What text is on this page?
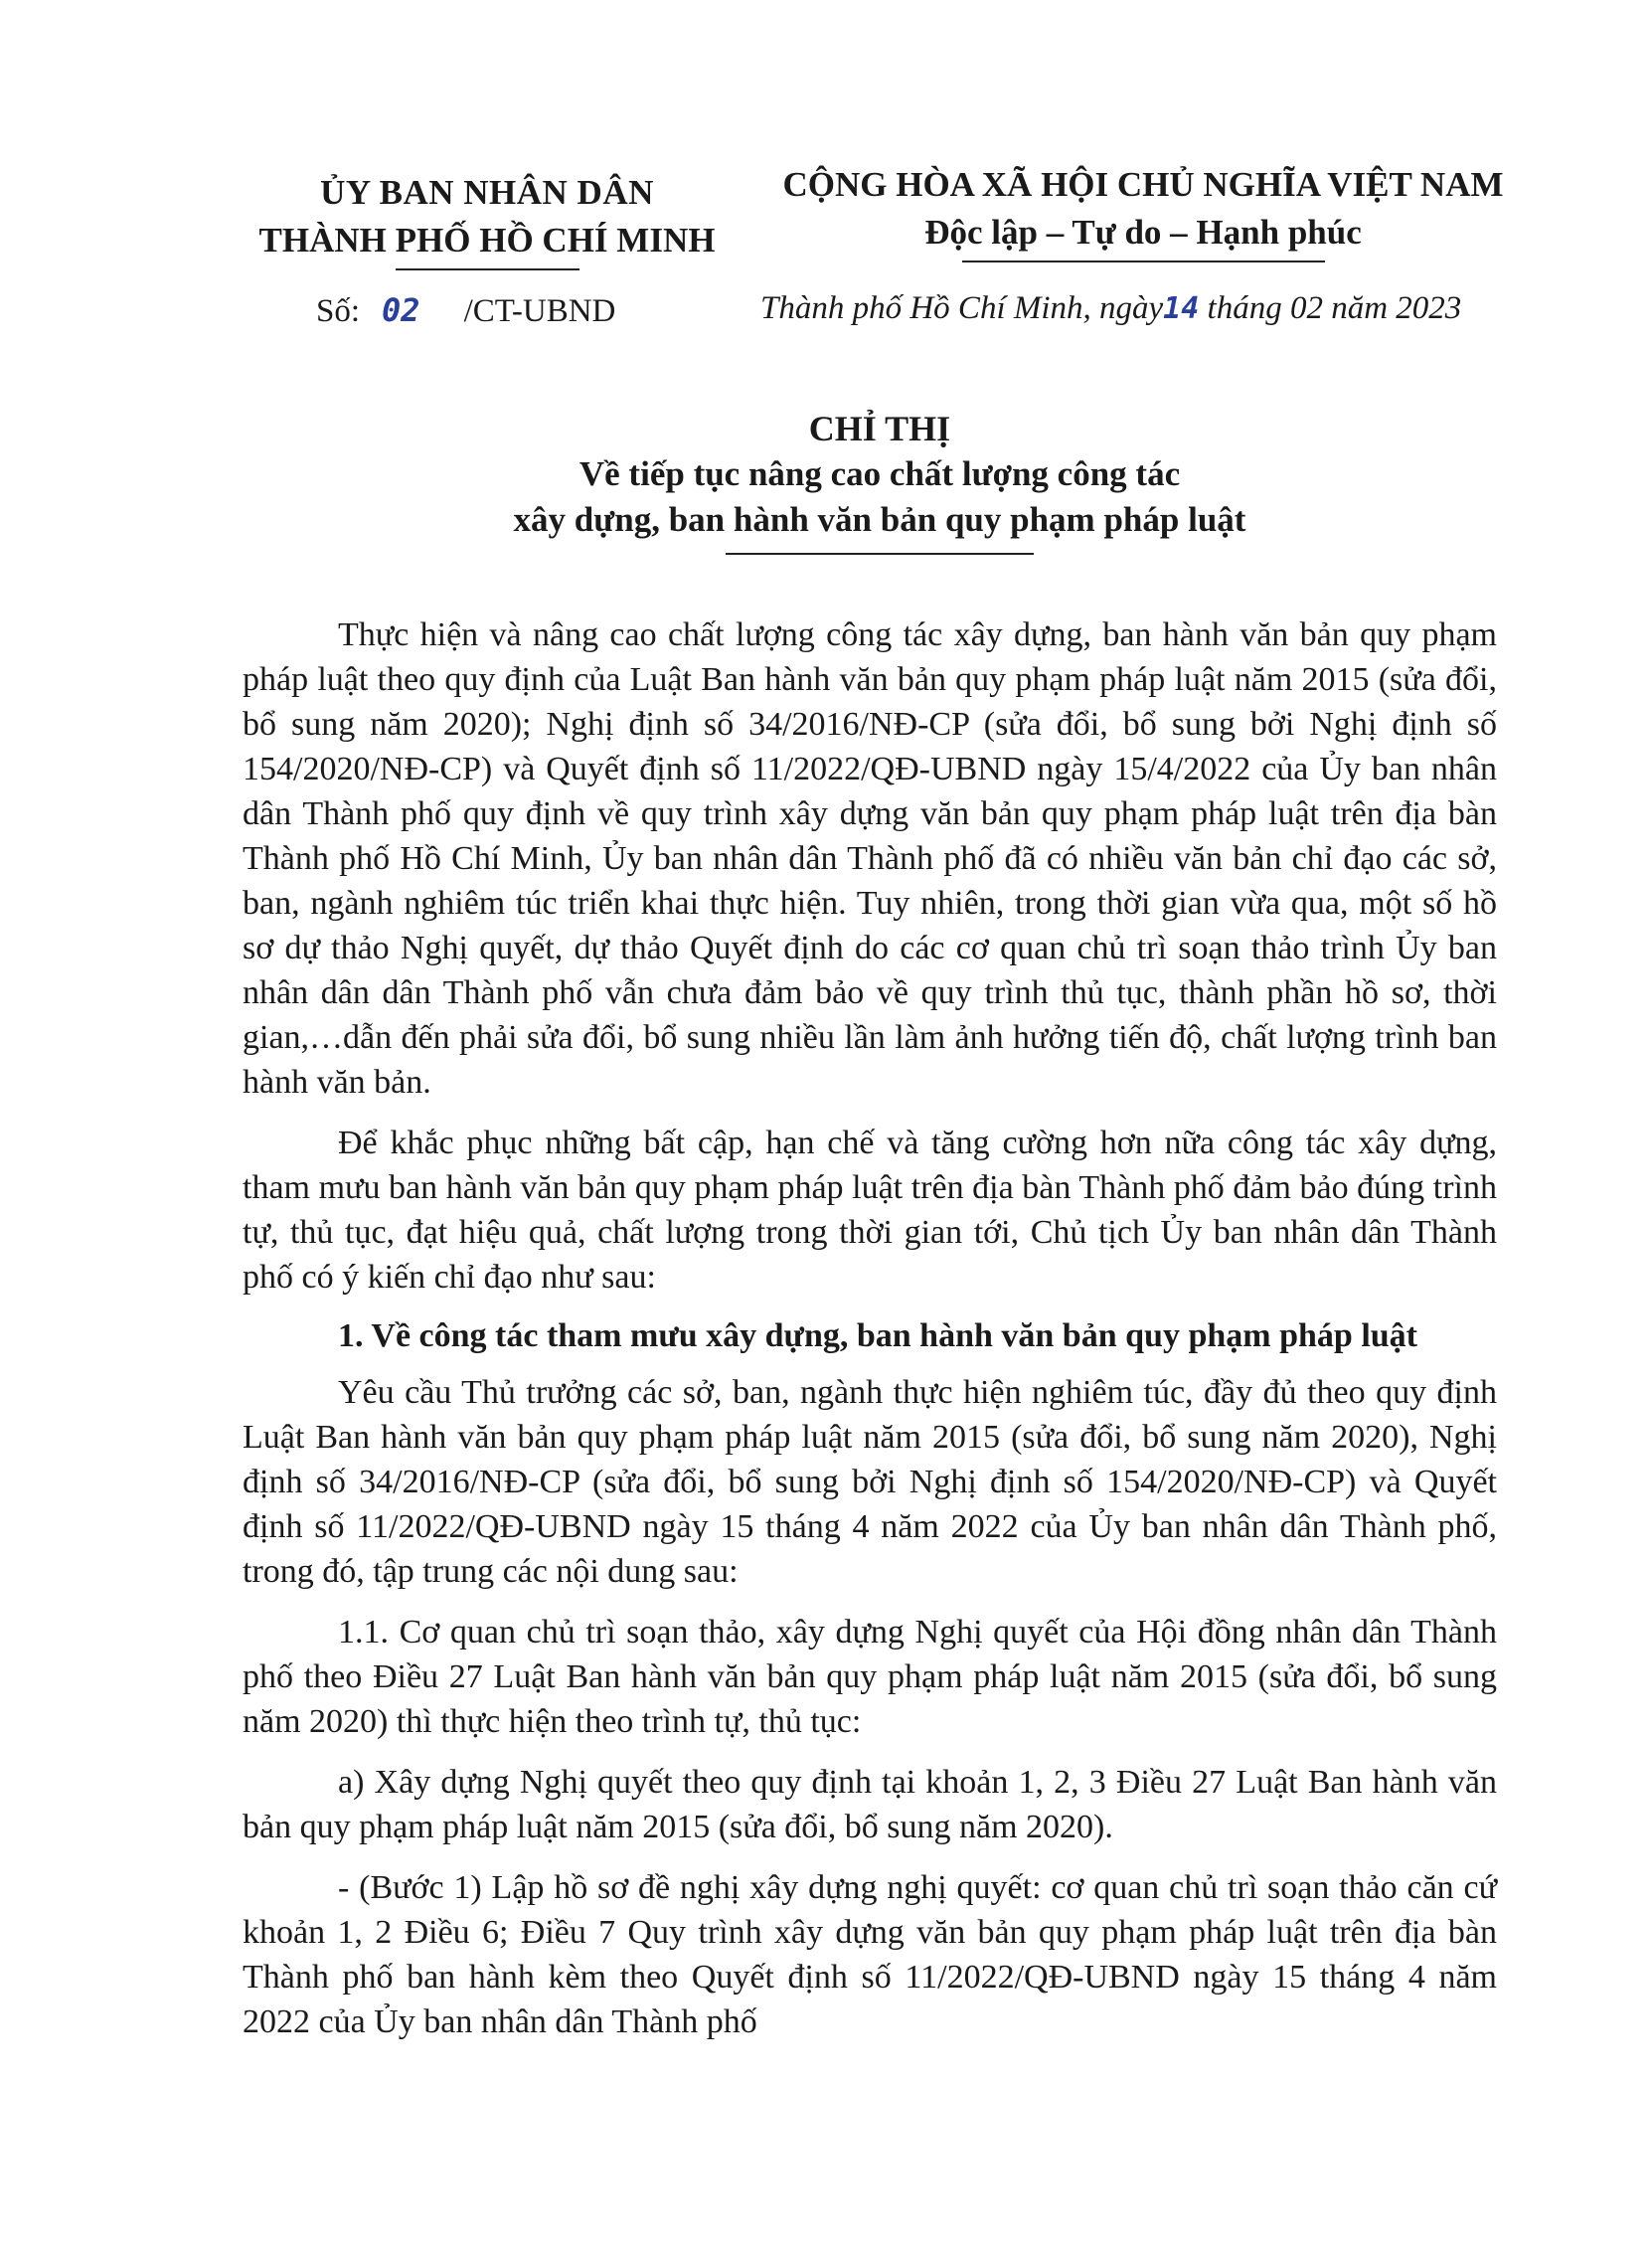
ỦY BAN NHÂN DÂN
THÀNH PHỐ HỒ CHÍ MINH
CỘNG HÒA XÃ HỘI CHỦ NGHĨA VIỆT NAM
Độc lập – Tự do – Hạnh phúc
Số: 02 /CT-UBND	Thành phố Hồ Chí Minh, ngày14 tháng 02 năm 2023
CHỈ THỊ
Về tiếp tục nâng cao chất lượng công tác
xây dựng, ban hành văn bản quy phạm pháp luật

Thực hiện và nâng cao chất lượng công tác xây dựng, ban hành văn bản quy phạm pháp luật theo quy định của Luật Ban hành văn bản quy phạm pháp luật năm 2015 (sửa đổi, bổ sung năm 2020); Nghị định số 34/2016/NĐ-CP (sửa đổi, bổ sung bởi Nghị định số 154/2020/NĐ-CP) và Quyết định số 11/2022/QĐ-UBND ngày 15/4/2022 của Ủy ban nhân dân Thành phố quy định về quy trình xây dựng văn bản quy phạm pháp luật trên địa bàn Thành phố Hồ Chí Minh, Ủy ban nhân dân Thành phố đã có nhiều văn bản chỉ đạo các sở, ban, ngành nghiêm túc triển khai thực hiện. Tuy nhiên, trong thời gian vừa qua, một số hồ sơ dự thảo Nghị quyết, dự thảo Quyết định do các cơ quan chủ trì soạn thảo trình Ủy ban nhân dân dân Thành phố vẫn chưa đảm bảo về quy trình thủ tục, thành phần hồ sơ, thời gian,…dẫn đến phải sửa đổi, bổ sung nhiều lần làm ảnh hưởng tiến độ, chất lượng trình ban hành văn bản.

Để khắc phục những bất cập, hạn chế và tăng cường hơn nữa công tác xây dựng, tham mưu ban hành văn bản quy phạm pháp luật trên địa bàn Thành phố đảm bảo đúng trình tự, thủ tục, đạt hiệu quả, chất lượng trong thời gian tới, Chủ tịch Ủy ban nhân dân Thành phố có ý kiến chỉ đạo như sau:

1. Về công tác tham mưu xây dựng, ban hành văn bản quy phạm pháp luật

Yêu cầu Thủ trưởng các sở, ban, ngành thực hiện nghiêm túc, đầy đủ theo quy định Luật Ban hành văn bản quy phạm pháp luật năm 2015 (sửa đổi, bổ sung năm 2020), Nghị định số 34/2016/NĐ-CP (sửa đổi, bổ sung bởi Nghị định số 154/2020/NĐ-CP) và Quyết định số 11/2022/QĐ-UBND ngày 15 tháng 4 năm 2022 của Ủy ban nhân dân Thành phố, trong đó, tập trung các nội dung sau:

1.1. Cơ quan chủ trì soạn thảo, xây dựng Nghị quyết của Hội đồng nhân dân Thành phố theo Điều 27 Luật Ban hành văn bản quy phạm pháp luật năm 2015 (sửa đổi, bổ sung năm 2020) thì thực hiện theo trình tự, thủ tục:

a) Xây dựng Nghị quyết theo quy định tại khoản 1, 2, 3 Điều 27 Luật Ban hành văn bản quy phạm pháp luật năm 2015 (sửa đổi, bổ sung năm 2020).

- (Bước 1) Lập hồ sơ đề nghị xây dựng nghị quyết: cơ quan chủ trì soạn thảo căn cứ khoản 1, 2 Điều 6; Điều 7 Quy trình xây dựng văn bản quy phạm pháp luật trên địa bàn Thành phố ban hành kèm theo Quyết định số 11/2022/QĐ-UBND ngày 15 tháng 4 năm 2022 của Ủy ban nhân dân Thành phố
